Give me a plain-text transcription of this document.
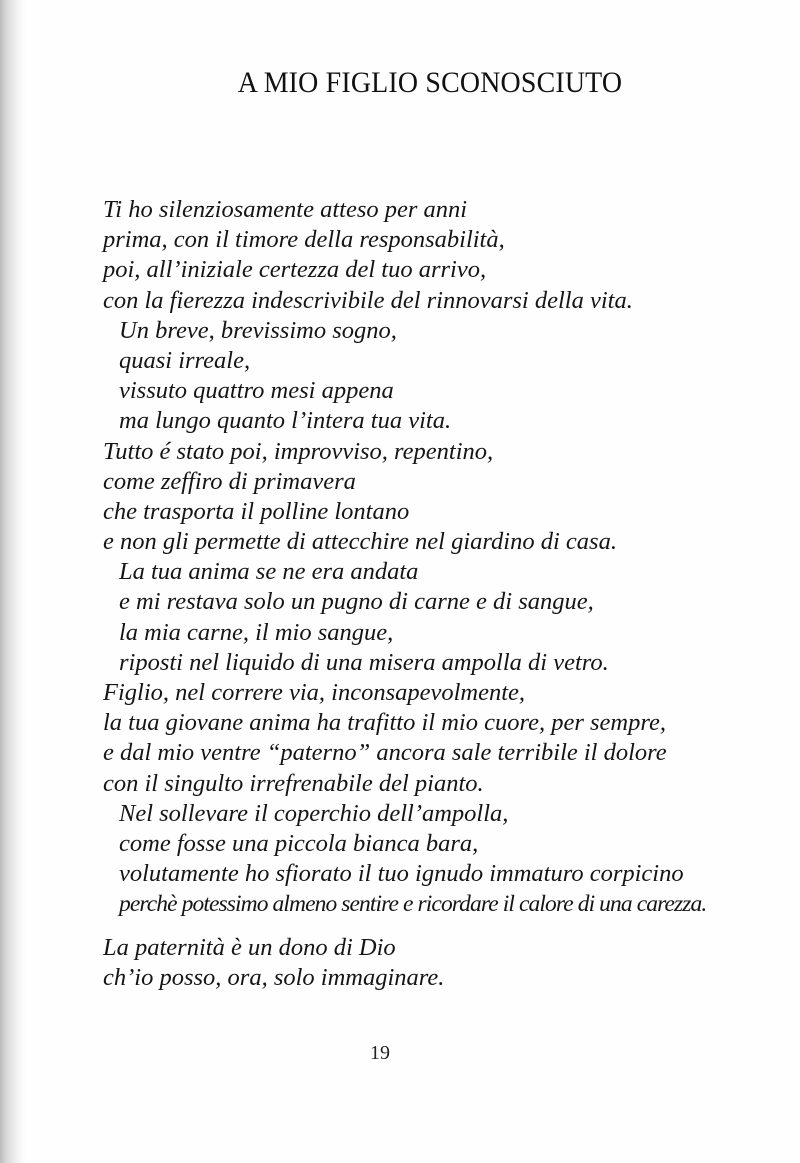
A MIO FIGLIO SCONOSCIUTO
Ti ho silenziosamente atteso per anni
prima, con il timore della responsabilità,
poi, all’iniziale certezza del tuo arrivo,
con la fierezza indescrivibile del rinnovarsi della vita.
Un breve, brevissimo sogno,
quasi irreale,
vissuto quattro mesi appena
ma lungo quanto l’intera tua vita.
Tutto é stato poi, improvviso, repentino,
come zeffiro di primavera
che trasporta il polline lontano
e non gli permette di attecchire nel giardino di casa.
La tua anima se ne era andata
e mi restava solo un pugno di carne e di sangue,
la mia carne, il mio sangue,
riposti nel liquido di una misera ampolla di vetro.
Figlio, nel correre via, inconsapevolmente,
la tua giovane anima ha trafitto il mio cuore, per sempre,
e dal mio ventre “paterno” ancora sale terribile il dolore
con il singulto irrefrenabile del pianto.
Nel sollevare il coperchio dell’ampolla,
come fosse una piccola bianca bara,
volutamente ho sfiorato il tuo ignudo immaturo corpicino
perchè potessimo almeno sentire e ricordare il calore di una carezza.
La paternità è un dono di Dio
ch’io posso, ora, solo immaginare.
19
